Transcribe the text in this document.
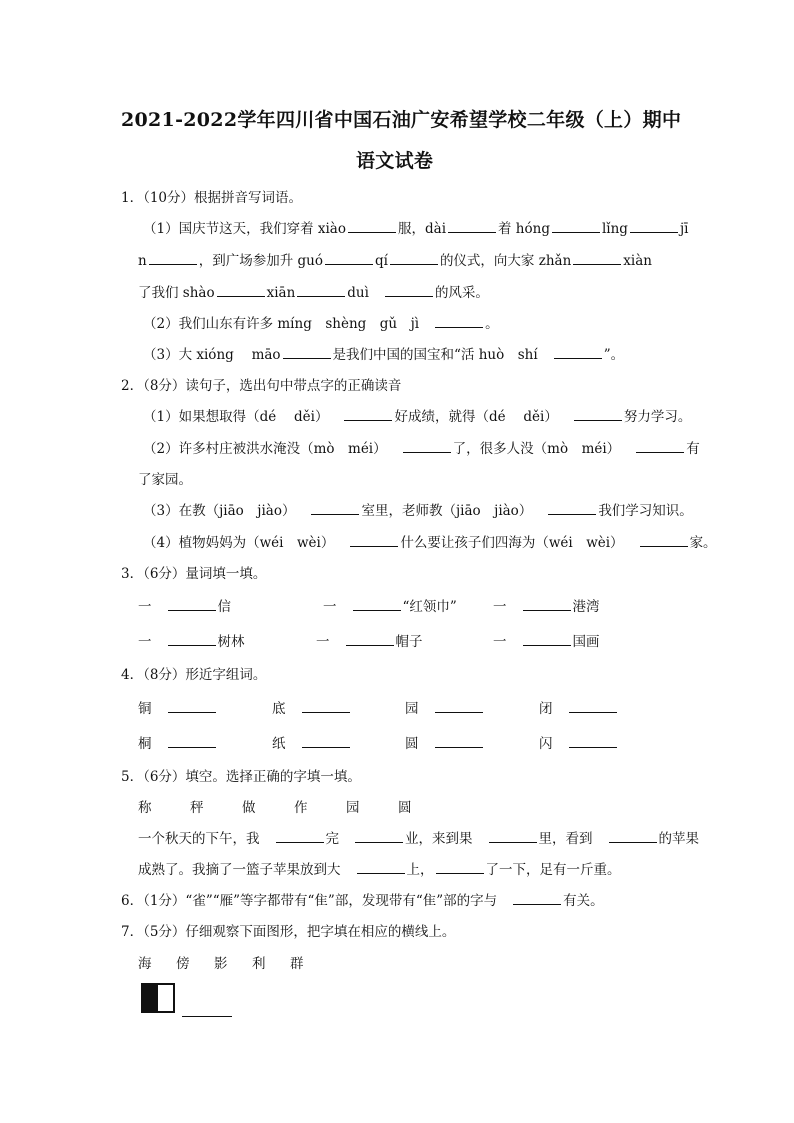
2021-2022学年四川省中国石油广安希望学校二年级（上）期中
语文试卷
1．（10分）根据拼音写词语。
（1）国庆节这天，我们穿着 xiào	服，dài	着 hóng	lǐng	jī
n	，到广场参加升 guó	qí	的仪式，向大家 zhǎn	xiàn
了我们 shào	xiān	duì	的风采。
（2）我们山东有许多 míng　shèng　gǔ　jì	。
（3）大 xióng　 māo	是我们中国的国宝和“活 huò　shí	”。
2．（8分）读句子，选出句中带点字的正确读音
（1）如果想取得（dé　 děi）	好成绩，就得（dé　 děi）	努力学习。
（2）许多村庄被洪水淹没（mò　méi）	了，很多人没（mò　méi）	有
了家园。
（3）在教（jiāo　jiào）	室里，老师教（jiāo　jiào）	我们学习知识。
（4）植物妈妈为（wéi　wèi）	什么要让孩子们四海为（wéi　wèi）	家。
3．（6分）量词填一填。
一	信	一	“红领巾”	一	港湾
一	树林	一	帽子	一	国画
4．（8分）形近字组词。
铜	底	园	闭
桐	纸	圆	闪
5．（6分）填空。选择正确的字填一填。
称	秤	做	作	园	圆
一个秋天的下午，我	完	业，来到果	里，看到	的苹果
成熟了。我摘了一篮子苹果放到大	上，	了一下，足有一斤重。
6．（1分）“雀”“雁”等字都带有“隹”部，发现带有“隹”部的字与	有关。
7．（5分）仔细观察下面图形，把字填在相应的横线上。
海 傍 影 利 群
